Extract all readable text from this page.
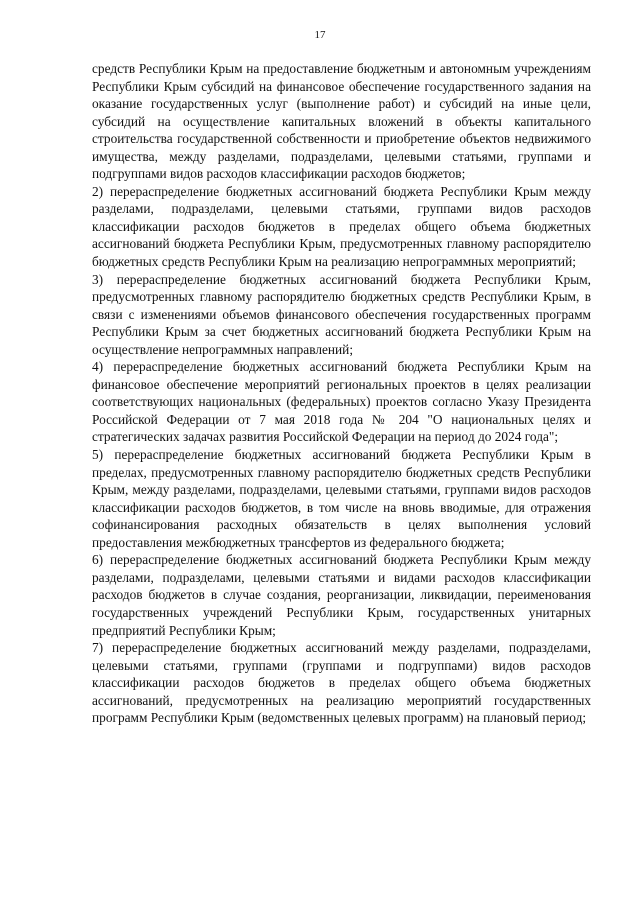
17

средств Республики Крым на предоставление бюджетным и автономным учреждениям Республики Крым субсидий на финансовое обеспечение государственного задания на оказание государственных услуг (выполнение работ) и субсидий на иные цели, субсидий на осуществление капитальных вложений в объекты капитального строительства государственной собственности и приобретение объектов недвижимого имущества, между разделами, подразделами, целевыми статьями, группами и подгруппами видов расходов классификации расходов бюджетов;

2) перераспределение бюджетных ассигнований бюджета Республики Крым между разделами, подразделами, целевыми статьями, группами видов расходов классификации расходов бюджетов в пределах общего объема бюджетных ассигнований бюджета Республики Крым, предусмотренных главному распорядителю бюджетных средств Республики Крым на реализацию непрограммных мероприятий;

3) перераспределение бюджетных ассигнований бюджета Республики Крым, предусмотренных главному распорядителю бюджетных средств Республики Крым, в связи с изменениями объемов финансового обеспечения государственных программ Республики Крым за счет бюджетных ассигнований бюджета Республики Крым на осуществление непрограммных направлений;

4) перераспределение бюджетных ассигнований бюджета Республики Крым на финансовое обеспечение мероприятий региональных проектов в целях реализации соответствующих национальных (федеральных) проектов согласно Указу Президента Российской Федерации от 7 мая 2018 года № 204 "О национальных целях и стратегических задачах развития Российской Федерации на период до 2024 года";

5) перераспределение бюджетных ассигнований бюджета Республики Крым в пределах, предусмотренных главному распорядителю бюджетных средств Республики Крым, между разделами, подразделами, целевыми статьями, группами видов расходов классификации расходов бюджетов, в том числе на вновь вводимые, для отражения софинансирования расходных обязательств в целях выполнения условий предоставления межбюджетных трансфертов из федерального бюджета;

6) перераспределение бюджетных ассигнований бюджета Республики Крым между разделами, подразделами, целевыми статьями и видами расходов классификации расходов бюджетов в случае создания, реорганизации, ликвидации, переименования государственных учреждений Республики Крым, государственных унитарных предприятий Республики Крым;

7) перераспределение бюджетных ассигнований между разделами, подразделами, целевыми статьями, группами (группами и подгруппами) видов расходов классификации расходов бюджетов в пределах общего объема бюджетных ассигнований, предусмотренных на реализацию мероприятий государственных программ Республики Крым (ведомственных целевых программ) на плановый период;
